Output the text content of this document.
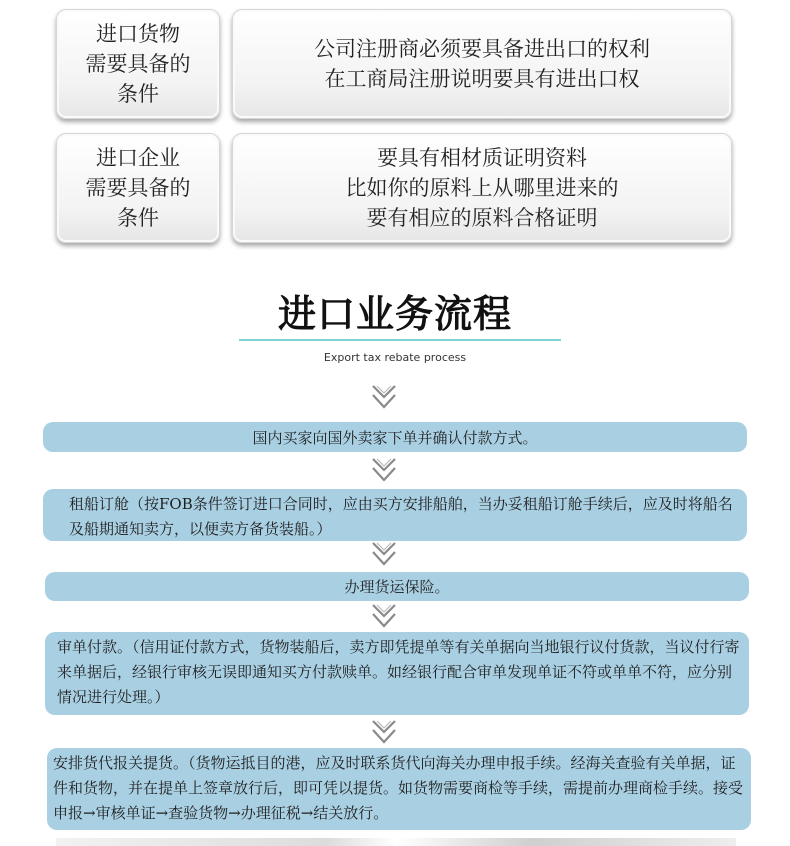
进口货物
需要具备的
条件
公司注册商必须要具备进出口的权利
在工商局注册说明要具有进出口权
进口企业
需要具备的
条件
要具有相材质证明资料
比如你的原料上从哪里进来的
要有相应的原料合格证明
进口业务流程
Export tax rebate process
国内买家向国外卖家下单并确认付款方式。
租船订舱（按FOB条件签订进口合同时，应由买方安排船舶，当办妥租船订舱手续后，应及时将船名及船期通知卖方，以便卖方备货装船。）
办理货运保险。
审单付款。（信用证付款方式，货物装船后，卖方即凭提单等有关单据向当地银行议付货款，当议付行寄来单据后，经银行审核无误即通知买方付款赎单。如经银行配合审单发现单证不符或单单不符，应分别情况进行处理。）
安排货代报关提货。（货物运抵目的港，应及时联系货代向海关办理申报手续。经海关查验有关单据，证件和货物，并在提单上签章放行后，即可凭以提货。如货物需要商检等手续，需提前办理商检手续。接受申报→审核单证→查验货物→办理征税→结关放行。
